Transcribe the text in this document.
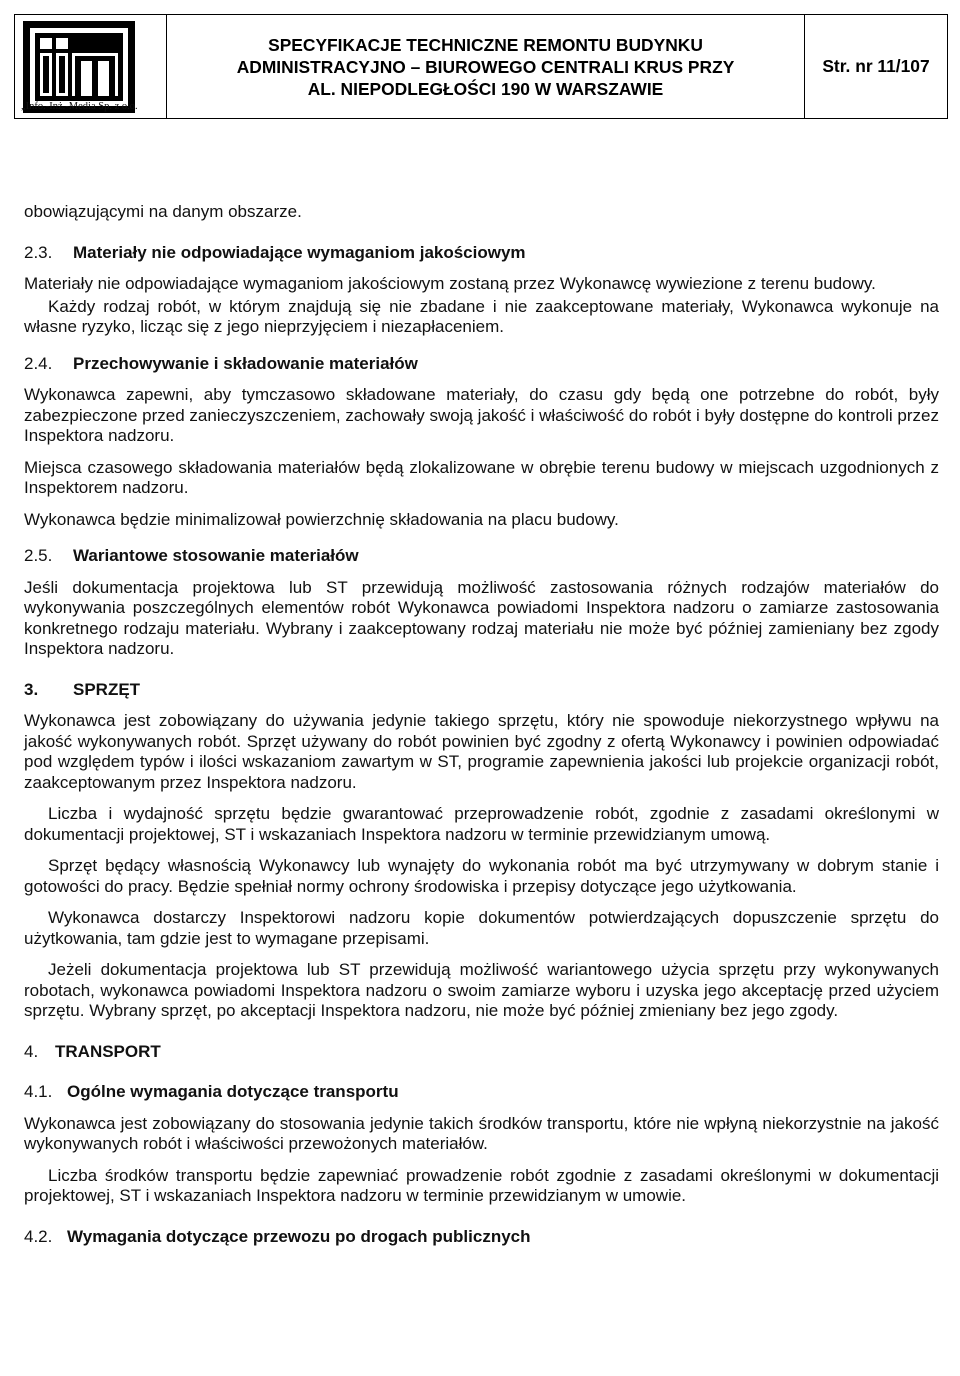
„Info.-Inż.-Media Sp. z o.o.
SPECYFIKACJE TECHNICZNE REMONTU BUDYNKU
ADMINISTRACYJNO – BIUROWEGO CENTRALI KRUS PRZY
AL. NIEPODLEGŁOŚCI 190 W WARSZAWIE
Str. nr 11/107

obowiązującymi na danym obszarze.

2.3. Materiały nie odpowiadające wymaganiom jakościowym

Materiały nie odpowiadające wymaganiom jakościowym zostaną przez Wykonawcę wywiezione z terenu budowy.

Każdy rodzaj robót, w którym znajdują się nie zbadane i nie zaakceptowane materiały, Wykonawca wykonuje na własne ryzyko, licząc się z jego nieprzyjęciem i niezapłaceniem.

2.4. Przechowywanie i składowanie materiałów

Wykonawca zapewni, aby tymczasowo składowane materiały, do czasu gdy będą one potrzebne do robót, były zabezpieczone przed zanieczyszczeniem, zachowały swoją jakość i właściwość do robót i były dostępne do kontroli przez Inspektora nadzoru.

Miejsca czasowego składowania materiałów będą zlokalizowane w obrębie terenu budowy w miejscach uzgodnionych z Inspektorem nadzoru.

Wykonawca będzie minimalizował powierzchnię składowania na placu budowy.

2.5. Wariantowe stosowanie materiałów

Jeśli dokumentacja projektowa lub ST przewidują możliwość zastosowania różnych rodzajów materiałów do wykonywania poszczególnych elementów robót Wykonawca powiadomi Inspektora nadzoru o zamiarze zastosowania konkretnego rodzaju materiału. Wybrany i zaakceptowany rodzaj materiału nie może być później zamieniany bez zgody Inspektora nadzoru.

3. SPRZĘT

Wykonawca jest zobowiązany do używania jedynie takiego sprzętu, który nie spowoduje niekorzystnego wpływu na jakość wykonywanych robót. Sprzęt używany do robót powinien być zgodny z ofertą Wykonawcy i powinien odpowiadać pod względem typów i ilości wskazaniom zawartym w ST, programie zapewnienia jakości lub projekcie organizacji robót, zaakceptowanym przez Inspektora nadzoru.

Liczba i wydajność sprzętu będzie gwarantować przeprowadzenie robót, zgodnie z zasadami określonymi w dokumentacji projektowej, ST i wskazaniach Inspektora nadzoru w terminie przewidzianym umową.

Sprzęt będący własnością Wykonawcy lub wynajęty do wykonania robót ma być utrzymywany w dobrym stanie i gotowości do pracy. Będzie spełniał normy ochrony środowiska i przepisy dotyczące jego użytkowania.

Wykonawca dostarczy Inspektorowi nadzoru kopie dokumentów potwierdzających dopuszczenie sprzętu do użytkowania, tam gdzie jest to wymagane przepisami.

Jeżeli dokumentacja projektowa lub ST przewidują możliwość wariantowego użycia sprzętu przy wykonywanych robotach, wykonawca powiadomi Inspektora nadzoru o swoim zamiarze wyboru i uzyska jego akceptację przed użyciem sprzętu. Wybrany sprzęt, po akceptacji Inspektora nadzoru, nie może być później zmieniany bez jego zgody.

4. TRANSPORT

4.1. Ogólne wymagania dotyczące transportu

Wykonawca jest zobowiązany do stosowania jedynie takich środków transportu, które nie wpłyną niekorzystnie na jakość wykonywanych robót i właściwości przewożonych materiałów.

Liczba środków transportu będzie zapewniać prowadzenie robót zgodnie z zasadami określonymi w dokumentacji projektowej, ST i wskazaniach Inspektora nadzoru w terminie przewidzianym w umowie.

4.2. Wymagania dotyczące przewozu po drogach publicznych
